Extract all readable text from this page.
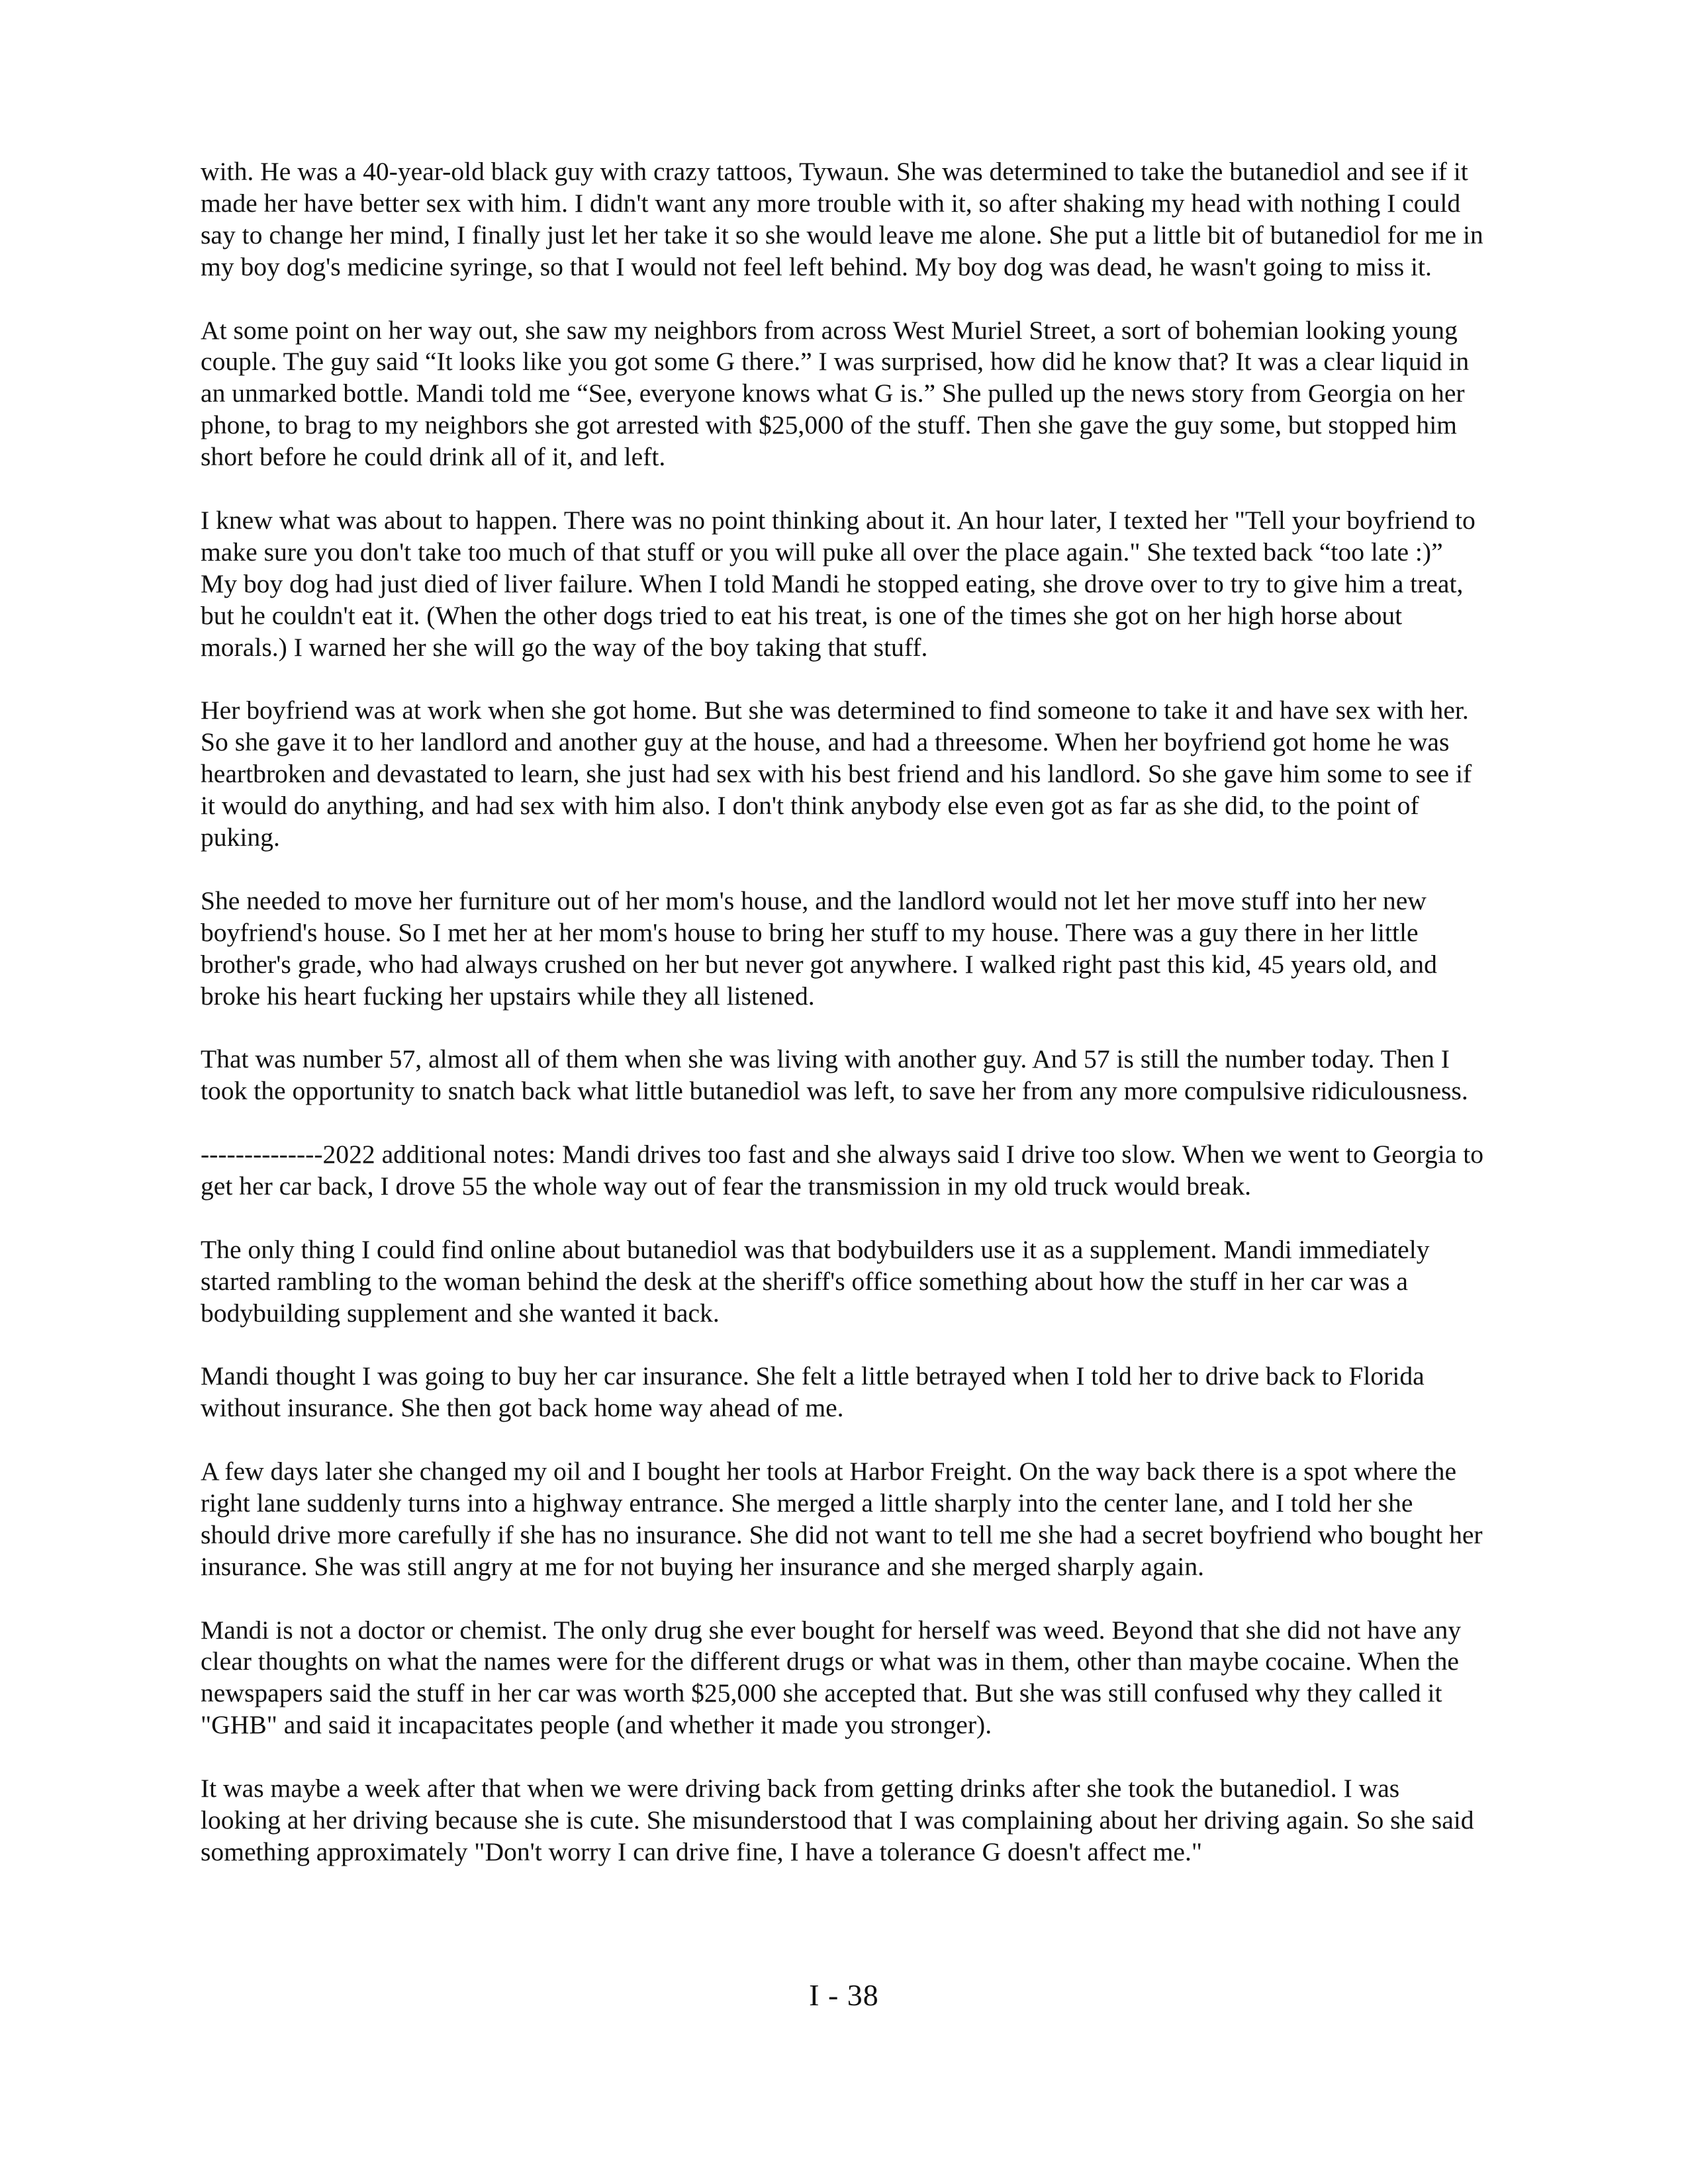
with. He was a 40-year-old black guy with crazy tattoos, Tywaun. She was determined to take the butanediol and see if it made her have better sex with him. I didn't want any more trouble with it, so after shaking my head with nothing I could say to change her mind, I finally just let her take it so she would leave me alone. She put a little bit of butanediol for me in my boy dog's medicine syringe, so that I would not feel left behind. My boy dog was dead, he wasn't going to miss it.

At some point on her way out, she saw my neighbors from across West Muriel Street, a sort of bohemian looking young couple. The guy said “It looks like you got some G there.” I was surprised, how did he know that? It was a clear liquid in an unmarked bottle. Mandi told me “See, everyone knows what G is.” She pulled up the news story from Georgia on her phone, to brag to my neighbors she got arrested with $25,000 of the stuff. Then she gave the guy some, but stopped him short before he could drink all of it, and left.

I knew what was about to happen. There was no point thinking about it. An hour later, I texted her "Tell your boyfriend to make sure you don't take too much of that stuff or you will puke all over the place again." She texted back “too late :)” My boy dog had just died of liver failure. When I told Mandi he stopped eating, she drove over to try to give him a treat, but he couldn't eat it. (When the other dogs tried to eat his treat, is one of the times she got on her high horse about morals.) I warned her she will go the way of the boy taking that stuff.

Her boyfriend was at work when she got home. But she was determined to find someone to take it and have sex with her. So she gave it to her landlord and another guy at the house, and had a threesome. When her boyfriend got home he was heartbroken and devastated to learn, she just had sex with his best friend and his landlord. So she gave him some to see if it would do anything, and had sex with him also. I don't think anybody else even got as far as she did, to the point of puking.

She needed to move her furniture out of her mom's house, and the landlord would not let her move stuff into her new boyfriend's house. So I met her at her mom's house to bring her stuff to my house. There was a guy there in her little brother's grade, who had always crushed on her but never got anywhere. I walked right past this kid, 45 years old, and broke his heart fucking her upstairs while they all listened.

That was number 57, almost all of them when she was living with another guy. And 57 is still the number today. Then I took the opportunity to snatch back what little butanediol was left, to save her from any more compulsive ridiculousness.

--------------2022 additional notes: Mandi drives too fast and she always said I drive too slow. When we went to Georgia to get her car back, I drove 55 the whole way out of fear the transmission in my old truck would break.

The only thing I could find online about butanediol was that bodybuilders use it as a supplement. Mandi immediately started rambling to the woman behind the desk at the sheriff's office something about how the stuff in her car was a bodybuilding supplement and she wanted it back.

Mandi thought I was going to buy her car insurance. She felt a little betrayed when I told her to drive back to Florida without insurance. She then got back home way ahead of me.

A few days later she changed my oil and I bought her tools at Harbor Freight. On the way back there is a spot where the right lane suddenly turns into a highway entrance. She merged a little sharply into the center lane, and I told her she should drive more carefully if she has no insurance. She did not want to tell me she had a secret boyfriend who bought her insurance. She was still angry at me for not buying her insurance and she merged sharply again.

Mandi is not a doctor or chemist. The only drug she ever bought for herself was weed. Beyond that she did not have any clear thoughts on what the names were for the different drugs or what was in them, other than maybe cocaine. When the newspapers said the stuff in her car was worth $25,000 she accepted that. But she was still confused why they called it "GHB" and said it incapacitates people (and whether it made you stronger).

It was maybe a week after that when we were driving back from getting drinks after she took the butanediol. I was looking at her driving because she is cute. She misunderstood that I was complaining about her driving again. So she said something approximately "Don't worry I can drive fine, I have a tolerance G doesn't affect me."

I - 38
